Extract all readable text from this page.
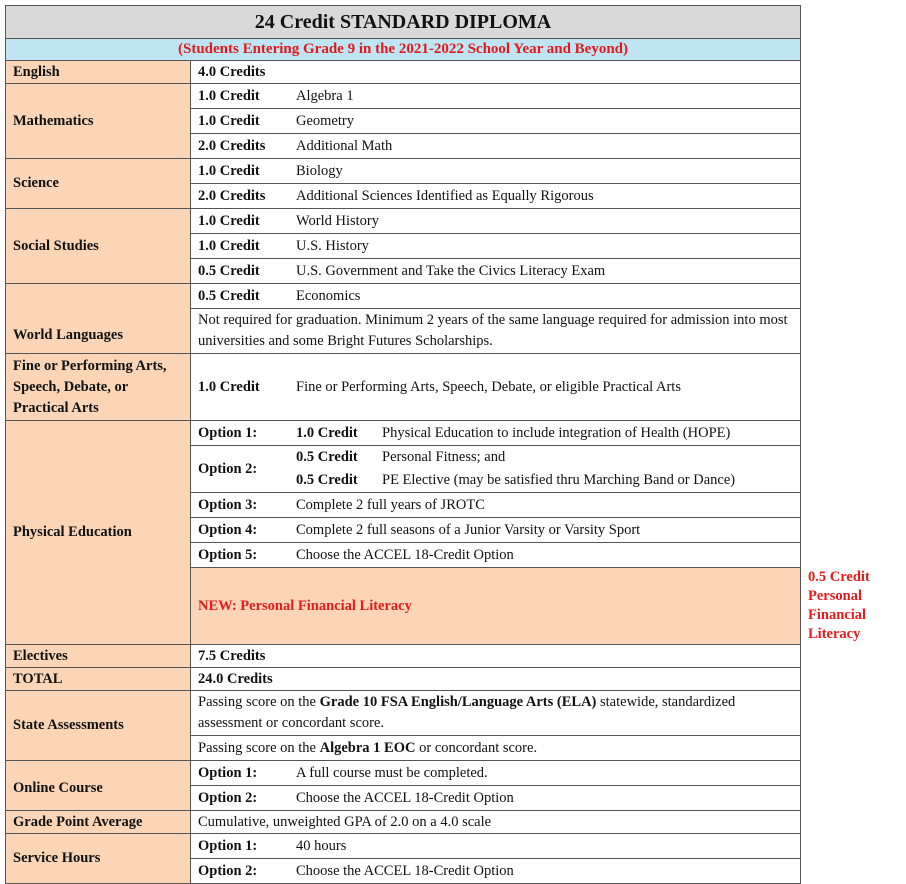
24 Credit STANDARD DIPLOMA		
(Students Entering Grade 9 in the 2021-2022 School Year and Beyond)		
English	4.0 Credits	
Mathematics	1.0 Credit Algebra 1	
	1.0 Credit Geometry	
	2.0 Credits Additional Math	
Science	1.0 Credit Biology	
	2.0 Credits Additional Sciences Identified as Equally Rigorous	
Social Studies	1.0 Credit World History	
	1.0 Credit U.S. History	
	0.5 Credit U.S. Government and Take the Civics Literacy Exam	
World Languages	0.5 Credit Economics	
	Not required for graduation. Minimum 2 years of the same language required for admission into most universities and some Bright Futures Scholarships.	
Fine or Performing Arts, Speech, Debate, or Practical Arts	1.0 Credit Fine or Performing Arts, Speech, Debate, or eligible Practical Arts	
Physical Education	Option 1: 1.0 Credit Physical Education to include integration of Health (HOPE)	

	Option 2:
0.5 Credit Personal Fitness; and
0.5 Credit PE Elective (may be satisfied thru Marching Band or Dance)	

	Option 3: Complete 2 full years of JROTC	
	Option 4: Complete 2 full seasons of a Junior Varsity or Varsity Sport	
	Option 5: Choose the ACCEL 18-Credit Option	
	NEW: Personal Financial Literacy	0.5 CreditPersonal Financial Literacy
Electives	7.5 Credits	
TOTAL	24.0 Credits	
State Assessments	Passing score on the Grade 10 FSA English/Language Arts (ELA) statewide, standardized assessment or concordant score.	
	Passing score on the Algebra 1 EOC or concordant score.	
Online Course	Option 1: A full course must be completed.	
	Option 2: Choose the ACCEL 18-Credit Option	
Grade Point Average	Cumulative, unweighted GPA of 2.0 on a 4.0 scale	
Service Hours	Option 1: 40 hours	
	Option 2: Choose the ACCEL 18-Credit Option	
